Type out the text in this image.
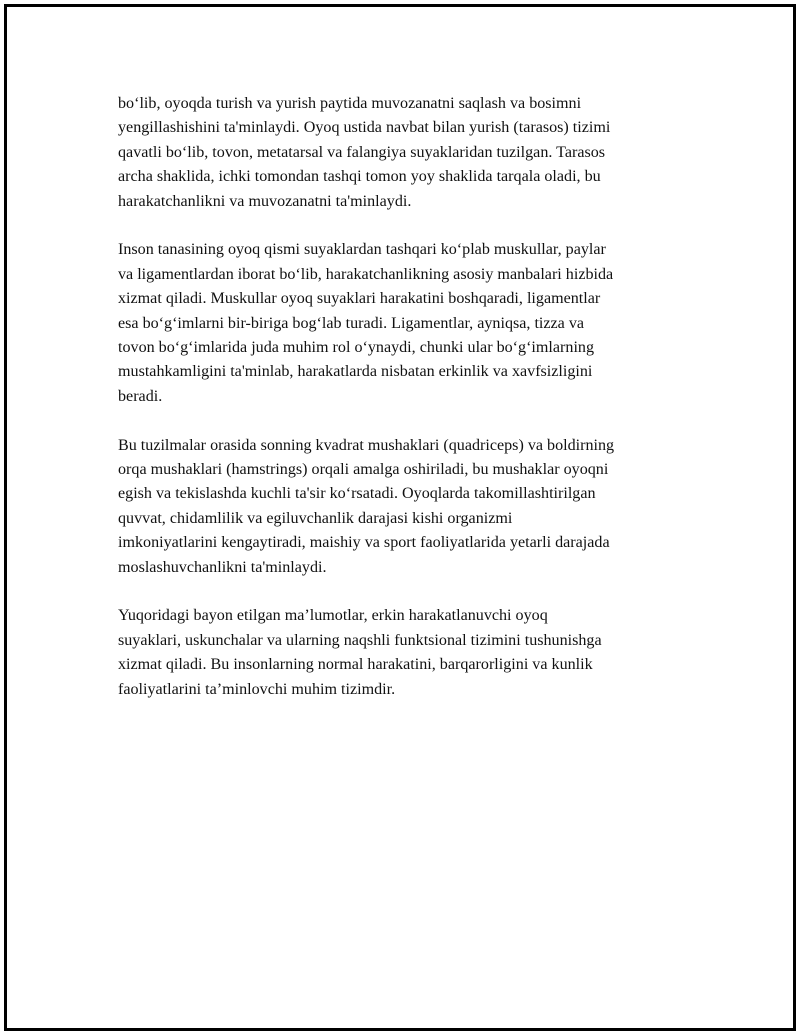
bo‘lib, oyoqda turish va yurish paytida muvozanatni saqlash va bosimni
yengillashishini ta'minlaydi. Oyoq ustida navbat bilan yurish (tarasos) tizimi
qavatli bo‘lib, tovon, metatarsal va falangiya suyaklaridan tuzilgan. Tarasos
archa shaklida, ichki tomondan tashqi tomon yoy shaklida tarqala oladi, bu
harakatchanlikni va muvozanatni ta'minlaydi.

Inson tanasining oyoq qismi suyaklardan tashqari ko‘plab muskullar, paylar
va ligamentlardan iborat bo‘lib, harakatchanlikning asosiy manbalari hizbida
xizmat qiladi. Muskullar oyoq suyaklari harakatini boshqaradi, ligamentlar
esa bo‘g‘imlarni bir-biriga bog‘lab turadi. Ligamentlar, ayniqsa, tizza va
tovon bo‘g‘imlarida juda muhim rol o‘ynaydi, chunki ular bo‘g‘imlarning
mustahkamligini ta'minlab, harakatlarda nisbatan erkinlik va xavfsizligini
beradi.

Bu tuzilmalar orasida sonning kvadrat mushaklari (quadriceps) va boldirning
orqa mushaklari (hamstrings) orqali amalga oshiriladi, bu mushaklar oyoqni
egish va tekislashda kuchli ta'sir ko‘rsatadi. Oyoqlarda takomillashtirilgan
quvvat, chidamlilik va egiluvchanlik darajasi kishi organizmi
imkoniyatlarini kengaytiradi, maishiy va sport faoliyatlarida yetarli darajada
moslashuvchanlikni ta'minlaydi.

Yuqoridagi bayon etilgan ma’lumotlar, erkin harakatlanuvchi oyoq
suyaklari, uskunchalar va ularning naqshli funktsional tizimini tushunishga
xizmat qiladi. Bu insonlarning normal harakatini, barqarorligini va kunlik
faoliyatlarini ta’minlovchi muhim tizimdir.
